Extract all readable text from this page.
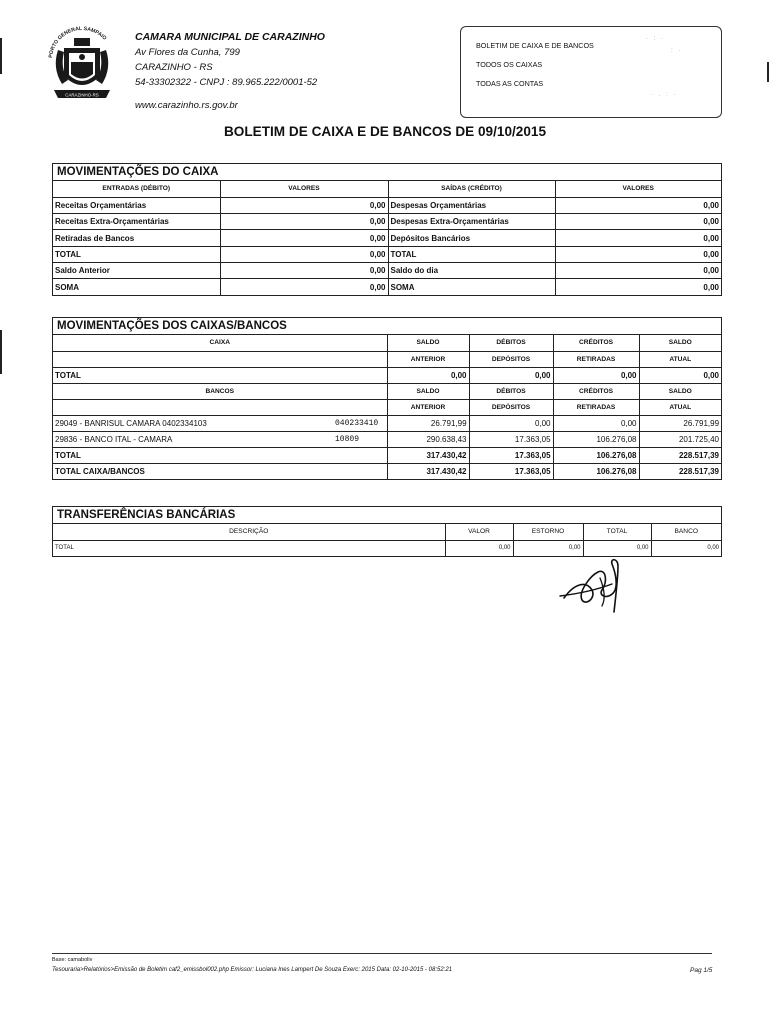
PORTO GENERAL SAMPAIO
CARAZINHO-RS
CAMARA MUNICIPAL DE CARAZINHO
Av Flores da Cunha, 799
CARAZINHO - RS
54-33302322 - CNPJ : 89.965.222/0001-52
www.carazinho.rs.gov.br
BOLETIM DE CAIXA E DE BANCOS
TODOS OS CAIXAS
TODAS AS CONTAS
· : ·
: ·
· . : ·
BOLETIM DE CAIXA E DE BANCOS DE 09/10/2015
MOVIMENTAÇÕES DO CAIXA
ENTRADAS (DÉBITO)	VALORES	SAÍDAS (CRÉDITO)	VALORES
Receitas Orçamentárias	0,00	Despesas Orçamentárias	0,00
Receitas Extra-Orçamentárias	0,00	Despesas Extra-Orçamentárias	0,00
Retiradas de Bancos	0,00	Depósitos Bancários	0,00
TOTAL	0,00	TOTAL	0,00
Saldo Anterior	0,00	Saldo do dia	0,00
SOMA	0,00	SOMA	0,00
MOVIMENTAÇÕES DOS CAIXAS/BANCOS
CAIXA		SALDO	DÉBITOS	CRÉDITOS	SALDO
		ANTERIOR	DEPÓSITOS	RETIRADAS	ATUAL
TOTAL		0,00	0,00	0,00	0,00
BANCOS		SALDO	DÉBITOS	CRÉDITOS	SALDO
		ANTERIOR	DEPÓSITOS	RETIRADAS	ATUAL
29049 - BANRISUL CAMARA 0402334103	040233410	26.791,99	0,00	0,00	26.791,99
29836 - BANCO ITAL - CAMARA	10809	290.638,43	17.363,05	106.276,08	201.725,40
TOTAL		317.430,42	17.363,05	106.276,08	228.517,39
TOTAL CAIXA/BANCOS		317.430,42	17.363,05	106.276,08	228.517,39
TRANSFERÊNCIAS BANCÁRIAS
DESCRIÇÃO	VALOR	ESTORNO	TOTAL	BANCO
TOTAL	0,00	0,00	0,00	0,00
Base: camaboliv
Tesouraria>Relatórios>Emissão de Boletim caf2_emissbol002.php Emissor: Luciana Ines Lampert De Souza Exerc: 2015 Data: 02-10-2015 - 08:52:21	Pag 1/5
